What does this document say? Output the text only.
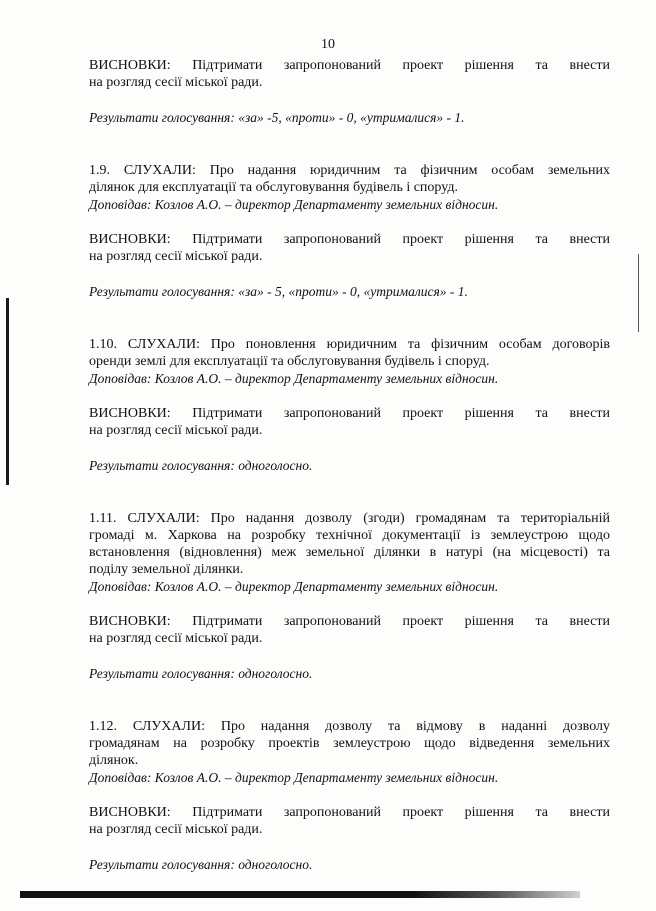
10

ВИСНОВКИ: Підтримати запропонований проект рішення та внести
на розгляд сесії міської ради.

Результати голосування: «за» -5, «проти» - 0, «утрималися» - 1.

1.9. СЛУХАЛИ: Про надання юридичним та фізичним особам земельних
ділянок для експлуатації та обслуговування будівель і споруд.

Доповідав: Козлов А.О. – директор Департаменту земельних відносин.

ВИСНОВКИ: Підтримати запропонований проект рішення та внести
на розгляд сесії міської ради.

Результати голосування: «за» - 5, «проти» - 0, «утрималися» - 1.

1.10. СЛУХАЛИ: Про поновлення юридичним та фізичним особам договорів
оренди землі для експлуатації та обслуговування будівель і споруд.

Доповідав: Козлов А.О. – директор Департаменту земельних відносин.

ВИСНОВКИ: Підтримати запропонований проект рішення та внести
на розгляд сесії міської ради.

Результати голосування: одноголосно.

1.11. СЛУХАЛИ: Про надання дозволу (згоди) громадянам та територіальній
громаді м. Харкова на розробку технічної документації із землеустрою щодо
встановлення (відновлення) меж земельної ділянки в натурі (на місцевості) та
поділу земельної ділянки.

Доповідав: Козлов А.О. – директор Департаменту земельних відносин.

ВИСНОВКИ: Підтримати запропонований проект рішення та внести
на розгляд сесії міської ради.

Результати голосування: одноголосно.

1.12. СЛУХАЛИ: Про надання дозволу та відмову в наданні дозволу
громадянам на розробку проектів землеустрою щодо відведення земельних
ділянок.

Доповідав: Козлов А.О. – директор Департаменту земельних відносин.

ВИСНОВКИ: Підтримати запропонований проект рішення та внести
на розгляд сесії міської ради.

Результати голосування: одноголосно.
